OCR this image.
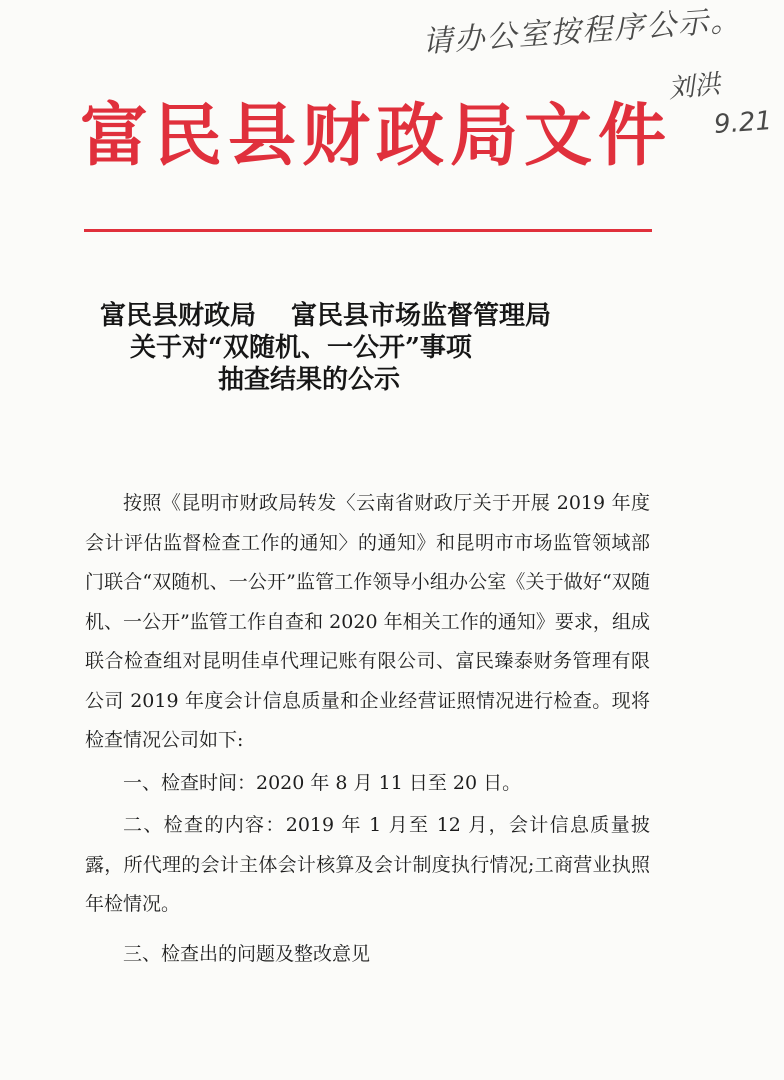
请办公室按程序公示。
刘洪
9.21
富民县财政局文件
富民县财政局　 富民县市场监督管理局
关于对“双随机、一公开”事项
抽查结果的公示

按照《昆明市财政局转发〈云南省财政厅关于开展 2019 年度会计评估监督检查工作的通知〉的通知》和昆明市市场监管领域部门联合“双随机、一公开”监管工作领导小组办公室《关于做好“双随机、一公开”监管工作自查和 2020 年相关工作的通知》要求，组成联合检查组对昆明佳卓代理记账有限公司、富民臻泰财务管理有限公司 2019 年度会计信息质量和企业经营证照情况进行检查。现将检查情况公司如下:

一、检查时间：2020 年 8 月 11 日至 20 日。

二、检查的内容：2019 年 1 月至 12 月，会计信息质量披露，所代理的会计主体会计核算及会计制度执行情况;工商营业执照年检情况。

三、检查出的问题及整改意见
